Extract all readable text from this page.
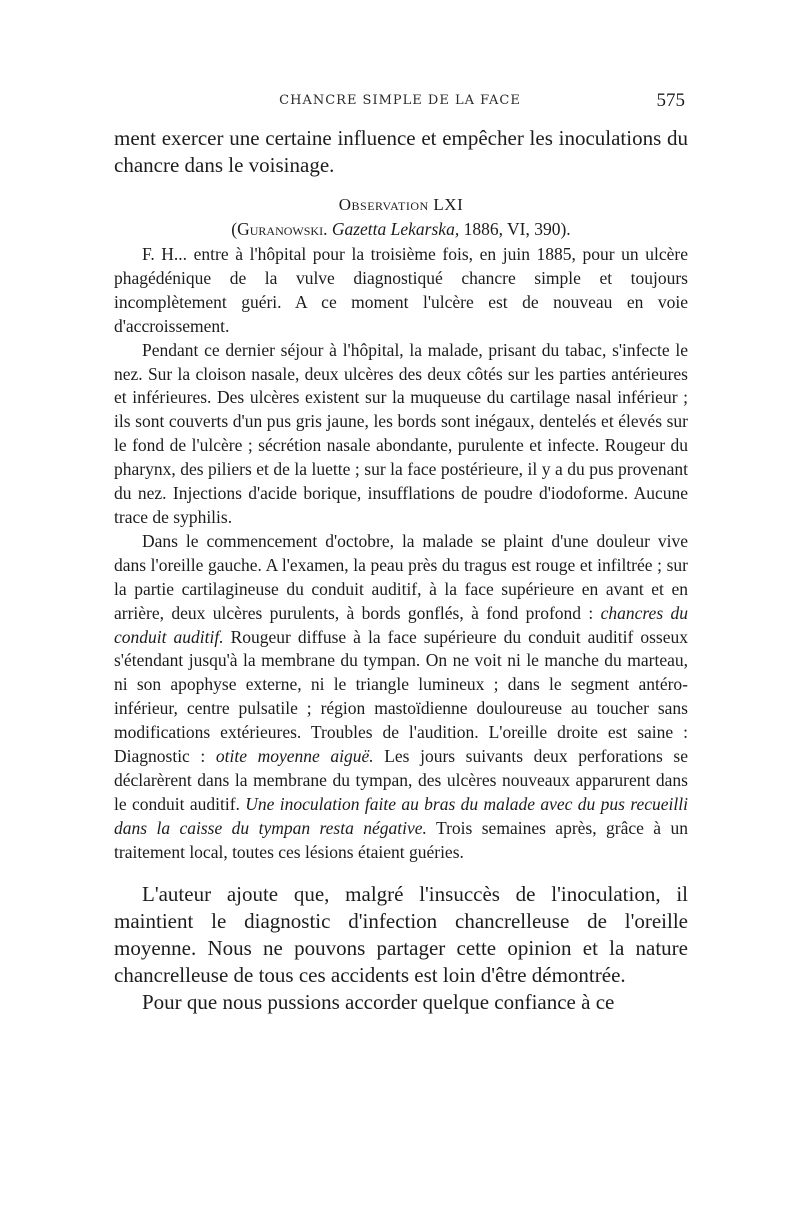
CHANCRE SIMPLE DE LA FACE	575

ment exercer une certaine influence et empêcher les inoculations du chancre dans le voisinage.

Observation LXI
(Guranowski. Gazetta Lekarska, 1886, VI, 390).

F. H... entre à l'hôpital pour la troisième fois, en juin 1885, pour un ulcère phagédénique de la vulve diagnostiqué chancre simple et toujours incomplètement guéri. A ce moment l'ulcère est de nouveau en voie d'accroissement.

Pendant ce dernier séjour à l'hôpital, la malade, prisant du tabac, s'infecte le nez. Sur la cloison nasale, deux ulcères des deux côtés sur les parties antérieures et inférieures. Des ulcères existent sur la muqueuse du cartilage nasal inférieur ; ils sont couverts d'un pus gris jaune, les bords sont inégaux, dentelés et élevés sur le fond de l'ulcère ; sécrétion nasale abondante, purulente et infecte. Rougeur du pharynx, des piliers et de la luette ; sur la face postérieure, il y a du pus provenant du nez. Injections d'acide borique, insufflations de poudre d'iodoforme. Aucune trace de syphilis.

Dans le commencement d'octobre, la malade se plaint d'une douleur vive dans l'oreille gauche. A l'examen, la peau près du tragus est rouge et infiltrée ; sur la partie cartilagineuse du conduit auditif, à la face supérieure en avant et en arrière, deux ulcères purulents, à bords gonflés, à fond profond : chancres du conduit auditif. Rougeur diffuse à la face supérieure du conduit auditif osseux s'étendant jusqu'à la membrane du tympan. On ne voit ni le manche du marteau, ni son apophyse externe, ni le triangle lumineux ; dans le segment antéro-inférieur, centre pulsatile ; région mastoïdienne douloureuse au toucher sans modifications extérieures. Troubles de l'audition. L'oreille droite est saine : Diagnostic : otite moyenne aiguë. Les jours suivants deux perforations se déclarèrent dans la membrane du tympan, des ulcères nouveaux apparurent dans le conduit auditif. Une inoculation faite au bras du malade avec du pus recueilli dans la caisse du tympan resta négative. Trois semaines après, grâce à un traitement local, toutes ces lésions étaient guéries.

L'auteur ajoute que, malgré l'insuccès de l'inoculation, il maintient le diagnostic d'infection chancrelleuse de l'oreille moyenne. Nous ne pouvons partager cette opinion et la nature chancrelleuse de tous ces accidents est loin d'être démontrée.

Pour que nous pussions accorder quelque confiance à ce
